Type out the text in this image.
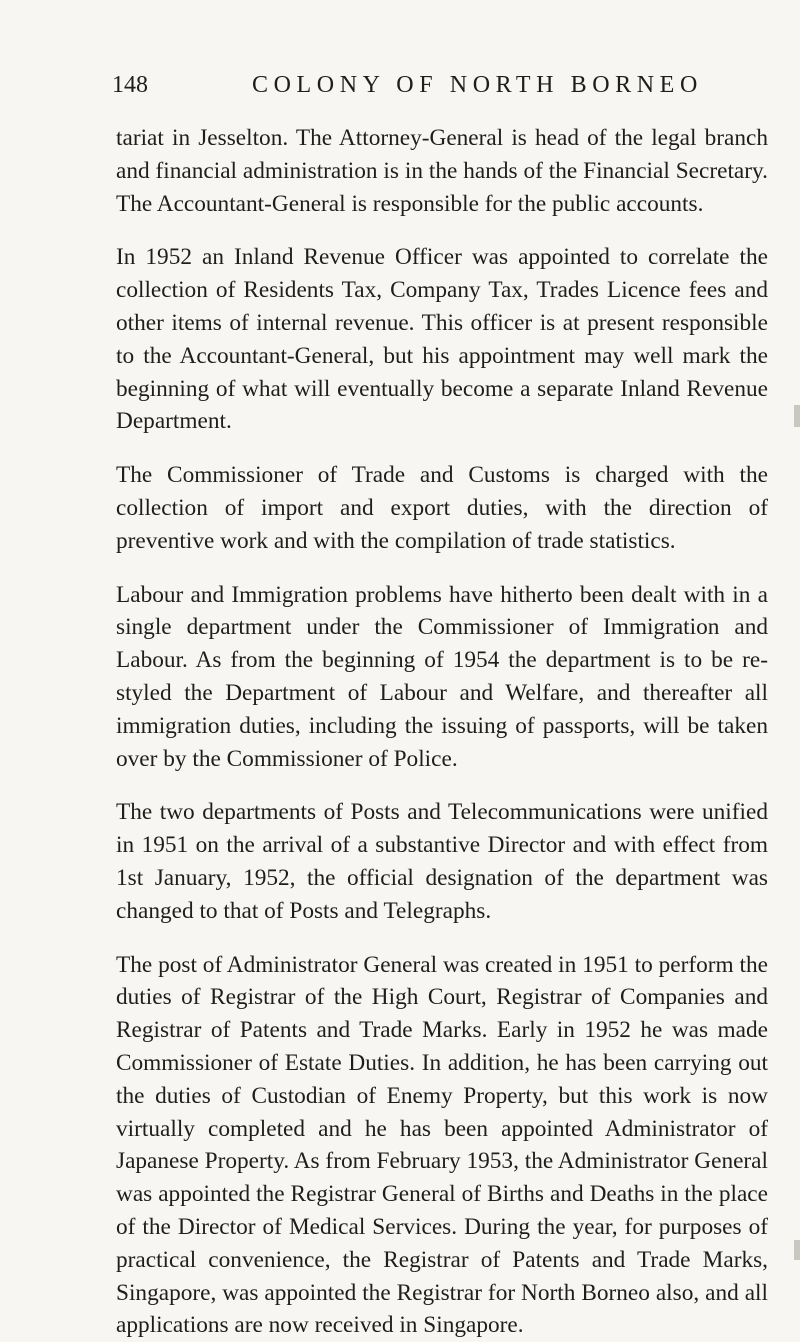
148	COLONY OF NORTH BORNEO

tariat in Jesselton. The Attorney-General is head of the legal branch and financial administration is in the hands of the Financial Secretary. The Accountant-General is responsible for the public accounts.

In 1952 an Inland Revenue Officer was appointed to correlate the collection of Residents Tax, Company Tax, Trades Licence fees and other items of internal revenue. This officer is at present responsible to the Accountant-General, but his appointment may well mark the beginning of what will eventually become a separate Inland Revenue Department.

The Commissioner of Trade and Customs is charged with the collection of import and export duties, with the direction of preventive work and with the compilation of trade statistics.

Labour and Immigration problems have hitherto been dealt with in a single department under the Commissioner of Immigration and Labour. As from the beginning of 1954 the department is to be re-styled the Department of Labour and Welfare, and thereafter all immigration duties, including the issuing of passports, will be taken over by the Commissioner of Police.

The two departments of Posts and Telecommunications were unified in 1951 on the arrival of a substantive Director and with effect from 1st January, 1952, the official designation of the department was changed to that of Posts and Telegraphs.

The post of Administrator General was created in 1951 to perform the duties of Registrar of the High Court, Registrar of Companies and Registrar of Patents and Trade Marks. Early in 1952 he was made Commissioner of Estate Duties. In addition, he has been carrying out the duties of Custodian of Enemy Property, but this work is now virtually completed and he has been appointed Administrator of Japanese Property. As from February 1953, the Administrator General was appointed the Registrar General of Births and Deaths in the place of the Director of Medical Services. During the year, for purposes of practical convenience, the Registrar of Patents and Trade Marks, Singapore, was appointed the Registrar for North Borneo also, and all applications are now received in Singapore.
